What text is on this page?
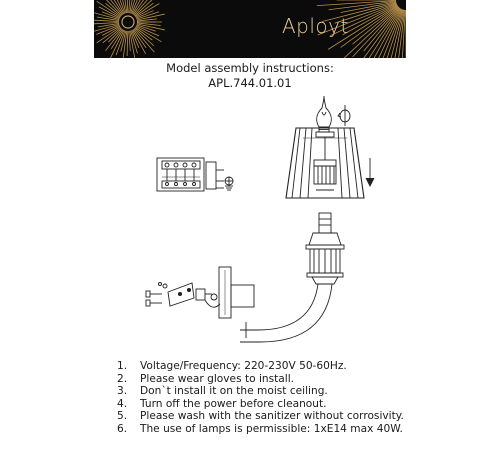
Aployt
Model assembly instructions:
APL.744.01.01
1.	Voltage/Frequency: 220-230V 50-60Hz.
2.	Please wear gloves to install.
3.	Don`t install it on the moist ceiling.
4.	Turn off the power before cleanout.
5.	Please wash with the sanitizer without corrosivity.
6.	The use of lamps is permissible: 1xE14 max 40W.
